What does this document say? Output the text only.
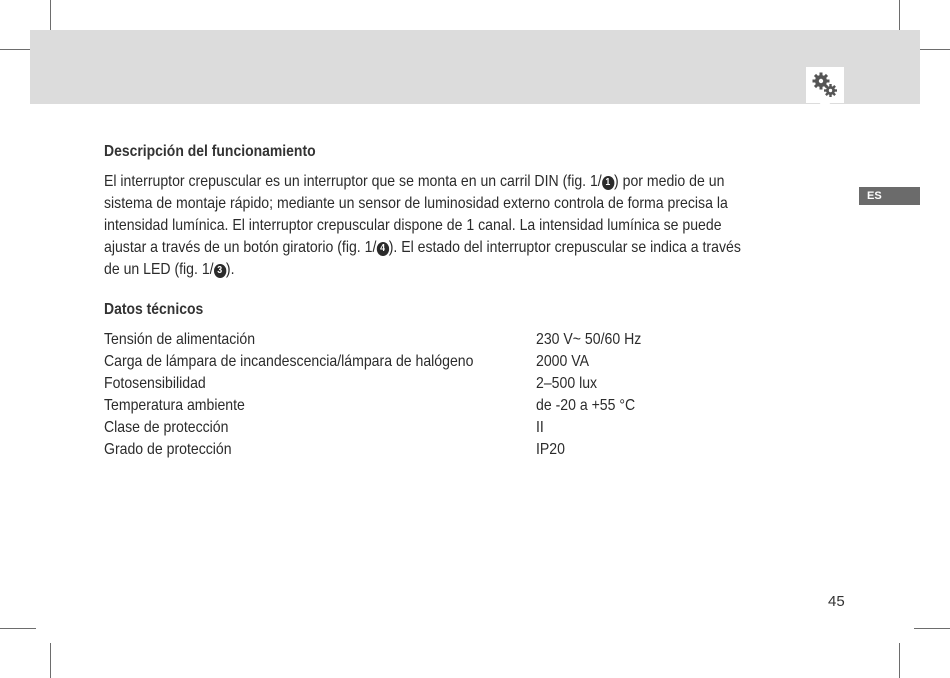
ES
Descripción del funcionamiento
El interruptor crepuscular es un interruptor que se monta en un carril DIN (fig. 1/ 1 ) por medio de un
sistema de montaje rápido; mediante un sensor de luminosidad externo controla de forma precisa la
intensidad lumínica. El interruptor crepuscular dispone de 1 canal. La intensidad lumínica se puede
ajustar a través de un botón giratorio (fig. 1/ 4 ). El estado del interruptor crepuscular se indica a través
de un LED (fig. 1/ 3 ).
Datos técnicos
Tensión de alimentación	230 V~ 50/60 Hz
Carga de lámpara de incandescencia/lámpara de halógeno	2000 VA
Fotosensibilidad	2–500 lux
Temperatura ambiente	de -20 a +55 °C
Clase de protección	II
Grado de protección	IP20
45
